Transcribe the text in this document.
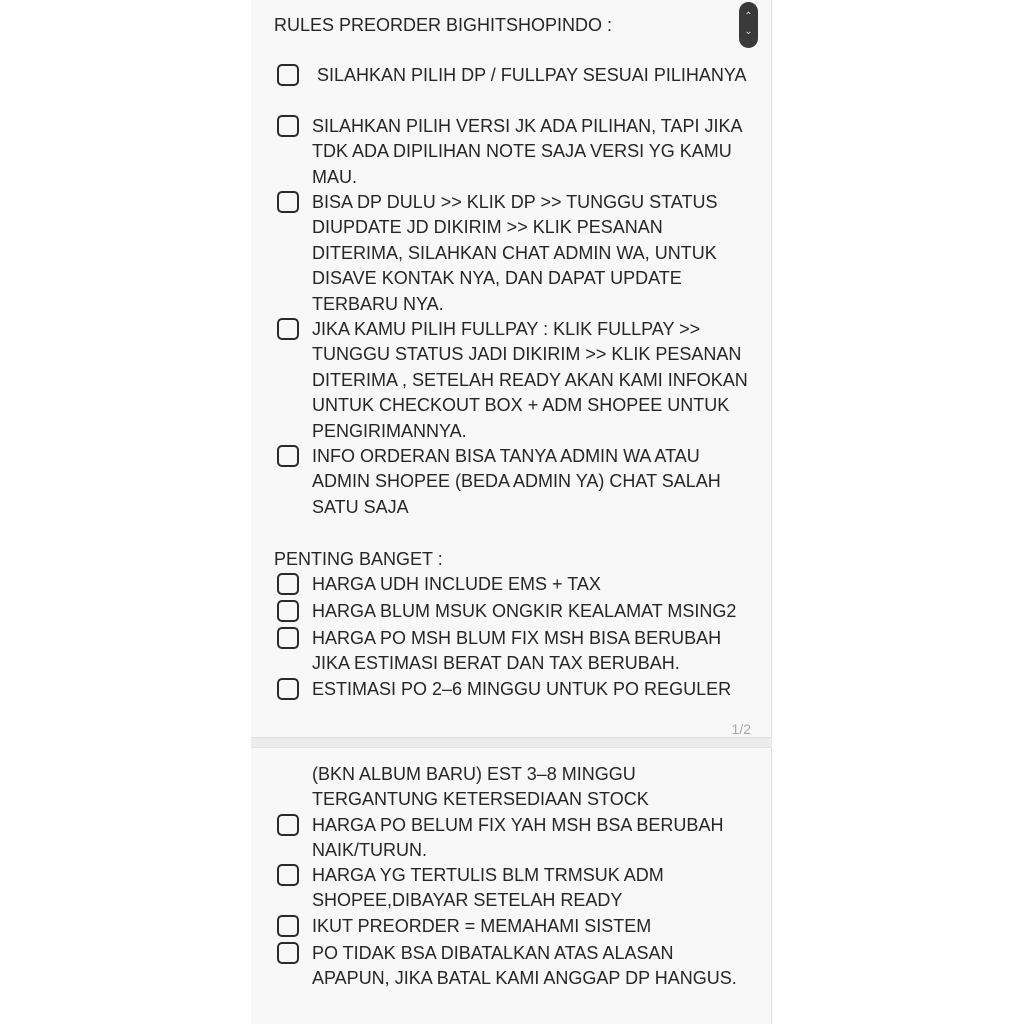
RULES PREORDER BIGHITSHOPINDO :
SILAHKAN PILIH DP / FULLPAY SESUAI PILIHANYA
SILAHKAN PILIH VERSI JK ADA PILIHAN, TAPI JIKA TDK ADA DIPILIHAN NOTE SAJA VERSI YG KAMU MAU.
BISA DP DULU >> KLIK DP >> TUNGGU STATUS DIUPDATE JD DIKIRIM >> KLIK PESANAN DITERIMA, SILAHKAN CHAT ADMIN WA, UNTUK DISAVE KONTAK NYA, DAN DAPAT UPDATE TERBARU NYA.
JIKA KAMU PILIH FULLPAY : KLIK FULLPAY >> TUNGGU STATUS JADI DIKIRIM >> KLIK PESANAN DITERIMA , SETELAH READY AKAN KAMI INFOKAN UNTUK CHECKOUT BOX + ADM SHOPEE UNTUK PENGIRIMANNYA.
INFO ORDERAN BISA TANYA ADMIN WA ATAU ADMIN SHOPEE (BEDA ADMIN YA) CHAT SALAH SATU SAJA
PENTING BANGET :
HARGA UDH INCLUDE EMS + TAX
HARGA BLUM MSUK ONGKIR KEALAMAT MSING2
HARGA PO MSH BLUM FIX MSH BISA BERUBAH JIKA ESTIMASI BERAT DAN TAX BERUBAH.
ESTIMASI PO 2–6 MINGGU UNTUK PO REGULER
1/2
(BKN ALBUM BARU) EST 3–8 MINGGU TERGANTUNG KETERSEDIAAN STOCK
HARGA PO BELUM FIX YAH MSH BSA BERUBAH NAIK/TURUN.
HARGA YG TERTULIS BLM TRMSUK ADM SHOPEE,DIBAYAR SETELAH READY
IKUT PREORDER = MEMAHAMI SISTEM
PO TIDAK BSA DIBATALKAN ATAS ALASAN APAPUN, JIKA BATAL KAMI ANGGAP DP HANGUS.
⌃
⌄
